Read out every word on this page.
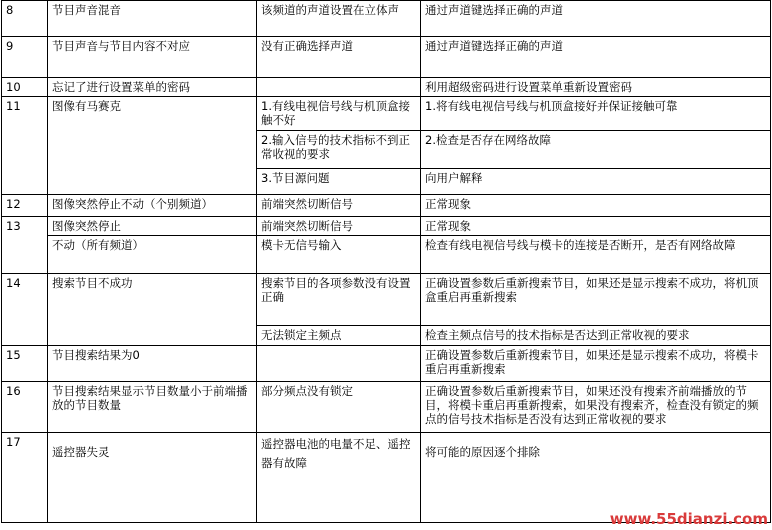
8	节目声音混音	该频道的声道设置在立体声	通过声道键选择正确的声道
9	节目声音与节目内容不对应	没有正确选择声道	通过声道键选择正确的声道
10	忘记了进行设置菜单的密码		利用超级密码进行设置菜单重新设置密码
11	图像有马赛克	1.有线电视信号线与机顶盒接触不好	1.将有线电视信号线与机顶盒接好并保证接触可靠
		2.输入信号的技术指标不到正常收视的要求	2.检查是否存在网络故障
		3.节目源问题	向用户解释
12	图像突然停止不动（个别频道）	前端突然切断信号	正常现象
13	图像突然停止	前端突然切断信号	正常现象
	不动（所有频道）	模卡无信号输入	检查有线电视信号线与模卡的连接是否断开，是否有网络故障
14	搜索节目不成功	搜索节目的各项参数没有设置正确	正确设置参数后重新搜索节目，如果还是显示搜索不成功，将机顶盒重启再重新搜索
		无法锁定主频点	检查主频点信号的技术指标是否达到正常收视的要求
15	节目搜索结果为0		正确设置参数后重新搜索节目，如果还是显示搜索不成功，将模卡重启再重新搜索
16	节目搜索结果显示节目数量小于前端播放的节目数量	部分频点没有锁定	正确设置参数后重新搜索节目，如果还没有搜索齐前端播放的节目，将模卡重启再重新搜索，如果没有搜索齐，检查没有锁定的频点的信号技术指标是否没有达到正常收视的要求
17	遥控器失灵	遥控器电池的电量不足、遥控器有故障	将可能的原因逐个排除
www.55dianzi.com
